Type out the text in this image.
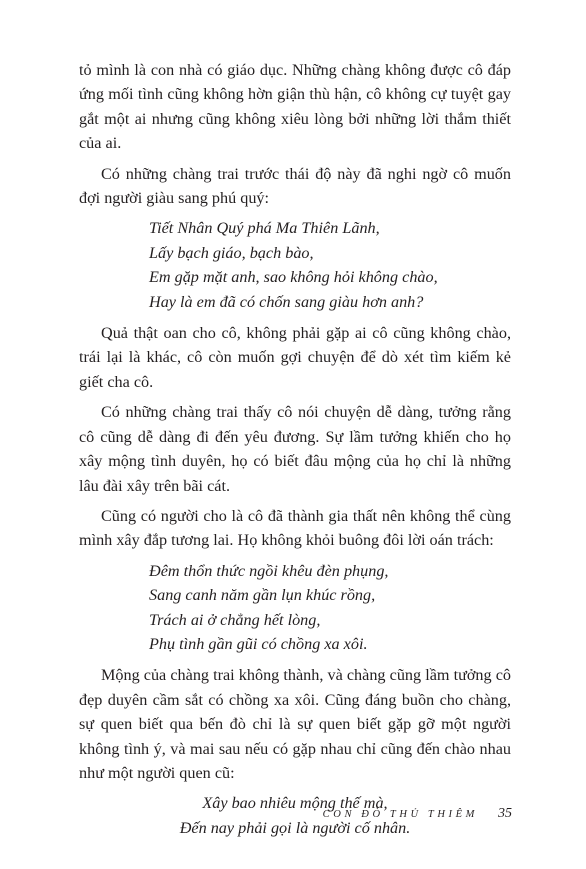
tỏ mình là con nhà có giáo dục. Những chàng không được cô đáp ứng mối tình cũng không hờn giận thù hận, cô không cự tuyệt gay gắt một ai nhưng cũng không xiêu lòng bởi những lời thắm thiết của ai.

Có những chàng trai trước thái độ này đã nghi ngờ cô muốn đợi người giàu sang phú quý:

Tiết Nhân Quý phá Ma Thiên Lãnh,
Lấy bạch giáo, bạch bào,
Em gặp mặt anh, sao không hỏi không chào,
Hay là em đã có chốn sang giàu hơn anh?

Quả thật oan cho cô, không phải gặp ai cô cũng không chào, trái lại là khác, cô còn muốn gợi chuyện để dò xét tìm kiếm kẻ giết cha cô.

Có những chàng trai thấy cô nói chuyện dễ dàng, tưởng rằng cô cũng dễ dàng đi đến yêu đương. Sự lầm tưởng khiến cho họ xây mộng tình duyên, họ có biết đâu mộng của họ chỉ là những lâu đài xây trên bãi cát.

Cũng có người cho là cô đã thành gia thất nên không thể cùng mình xây đắp tương lai. Họ không khỏi buông đôi lời oán trách:

Đêm thổn thức ngồi khêu đèn phụng,
Sang canh năm gần lụn khúc rồng,
Trách ai ở chẳng hết lòng,
Phụ tình gần gũi có chồng xa xôi.

Mộng của chàng trai không thành, và chàng cũng lầm tưởng cô đẹp duyên cầm sắt có chồng xa xôi. Cũng đáng buồn cho chàng, sự quen biết qua bến đò chỉ là sự quen biết gặp gỡ một người không tình ý, và mai sau nếu có gặp nhau chỉ cũng đến chào nhau như một người quen cũ:

Xây bao nhiêu mộng thế mà,
Đến nay phải gọi là người cố nhân.
CON ĐÒ THỦ THIÊM 35
